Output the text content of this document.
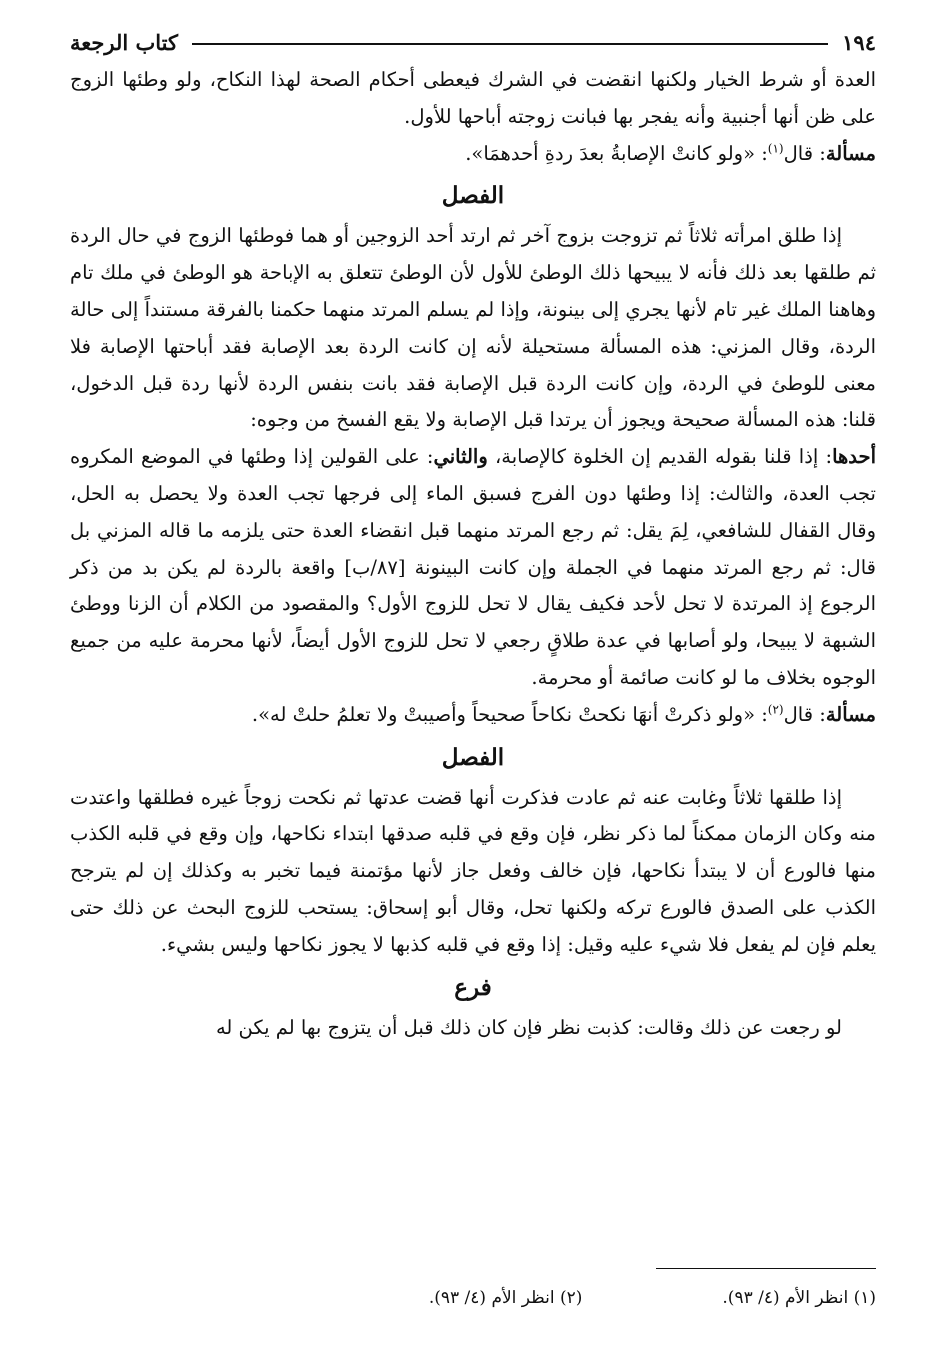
١٩٤
كتاب الرجعة

العدة أو شرط الخيار ولكنها انقضت في الشرك فيعطى أحكام الصحة لهذا النكاح، ولو وطئها الزوج على ظن أنها أجنبية وأنه يفجر بها فبانت زوجته أباحها للأول.

مسألة: قال$^{(١)}$: «ولو كانتْ الإصابةُ بعدَ ردةِ أحدهمَا».

الفصل

إذا طلق امرأته ثلاثاً ثم تزوجت بزوج آخر ثم ارتد أحد الزوجين أو هما فوطئها الزوج في حال الردة ثم طلقها بعد ذلك فأنه لا يبيحها ذلك الوطئ للأول لأن الوطئ تتعلق به الإباحة هو الوطئ في ملك تام وهاهنا الملك غير تام لأنها يجري إلى بينونة، وإذا لم يسلم المرتد منهما حكمنا بالفرقة مستنداً إلى حالة الردة، وقال المزني: هذه المسألة مستحيلة لأنه إن كانت الردة بعد الإصابة فقد أباحتها الإصابة فلا معنى للوطئ في الردة، وإن كانت الردة قبل الإصابة فقد بانت بنفس الردة لأنها ردة قبل الدخول، قلنا: هذه المسألة صحيحة ويجوز أن يرتدا قبل الإصابة ولا يقع الفسخ من وجوه:

أحدها: إذا قلنا بقوله القديم إن الخلوة كالإصابة، والثاني: على القولين إذا وطئها في الموضع المكروه تجب العدة، والثالث: إذا وطئها دون الفرج فسبق الماء إلى فرجها تجب العدة ولا يحصل به الحل، وقال القفال للشافعي، لِمَ يقل: ثم رجع المرتد منهما قبل انقضاء العدة حتى يلزمه ما قاله المزني بل قال: ثم رجع المرتد منهما في الجملة وإن كانت البينونة [٨٧/ب] واقعة بالردة لم يكن بد من ذكر الرجوع إذ المرتدة لا تحل لأحد فكيف يقال لا تحل للزوج الأول؟ والمقصود من الكلام أن الزنا ووطئ الشبهة لا يبيحا، ولو أصابها في عدة طلاقٍ رجعي لا تحل للزوج الأول أيضاً، لأنها محرمة عليه من جميع الوجوه بخلاف ما لو كانت صائمة أو محرمة.

مسألة: قال$^{(٢)}$: «ولو ذكرتْ أنهَا نكحتْ نكاحاً صحيحاً وأصيبتْ ولا تعلمُ حلتْ له».

الفصل

إذا طلقها ثلاثاً وغابت عنه ثم عادت فذكرت أنها قضت عدتها ثم نكحت زوجاً غيره فطلقها واعتدت منه وكان الزمان ممكناً لما ذكر نظر، فإن وقع في قلبه صدقها ابتداء نكاحها، وإن وقع في قلبه الكذب منها فالورع أن لا يبتدأ نكاحها، فإن خالف وفعل جاز لأنها مؤتمنة فيما تخبر به وكذلك إن لم يترجح الكذب على الصدق فالورع تركه ولكنها تحل، وقال أبو إسحاق: يستحب للزوج البحث عن ذلك حتى يعلم فإن لم يفعل فلا شيء عليه وقيل: إذا وقع في قلبه كذبها لا يجوز نكاحها وليس بشيء.

فرع

لو رجعت عن ذلك وقالت: كذبت نظر فإن كان ذلك قبل أن يتزوج بها لم يكن له

(١) انظر الأم (٤/ ٩٣).
(٢) انظر الأم (٤/ ٩٣).
